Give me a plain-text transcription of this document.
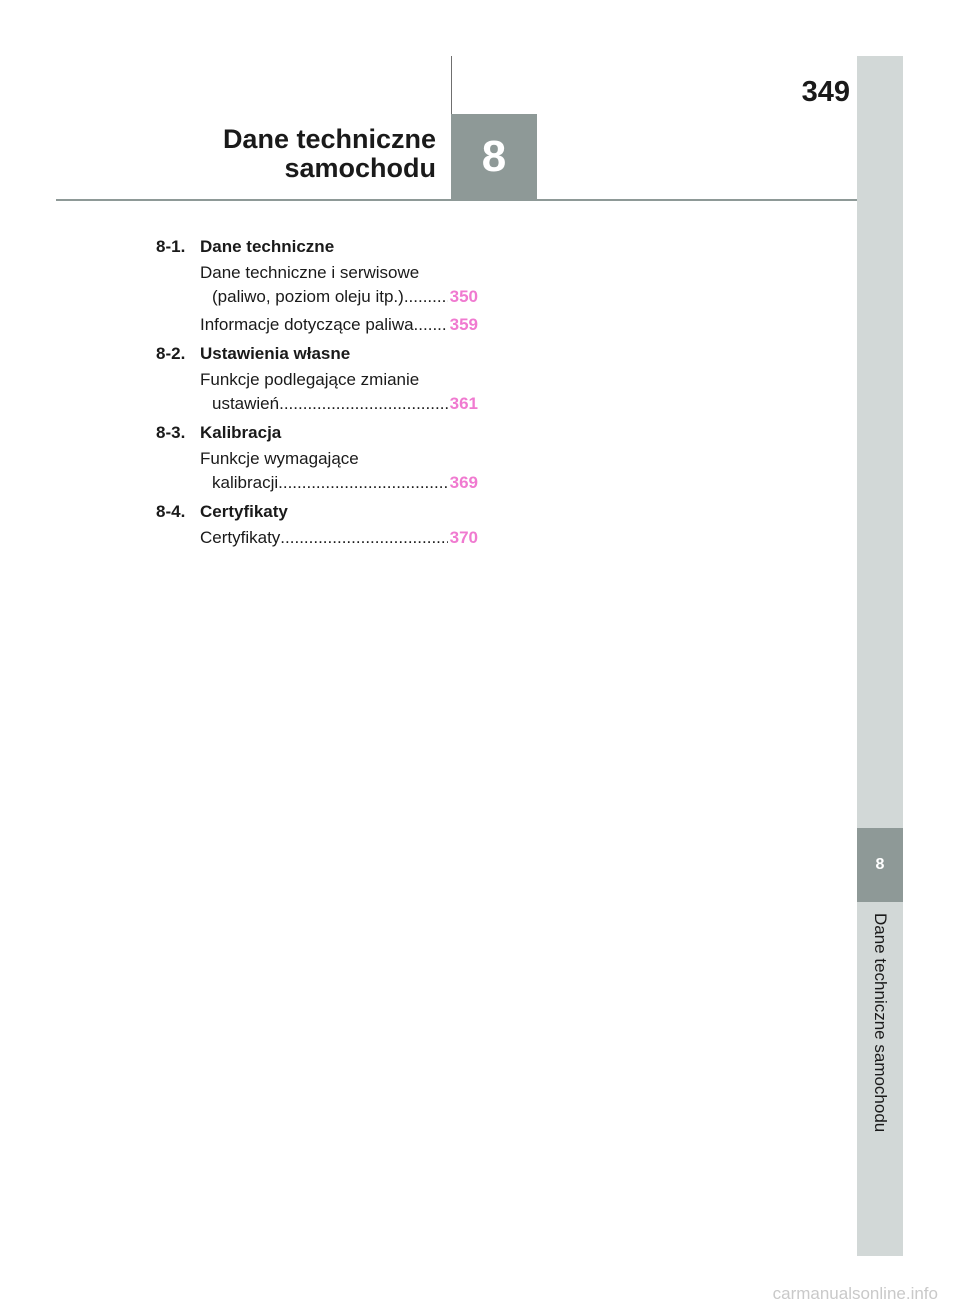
8
Dane techniczne samochodu
Dane techniczne
samochodu	8
349
8-1. Dane techniczne
Dane techniczne i serwisowe
(paliwo, poziom oleju itp.) .....	350
Informacje dotyczące paliwa ..... 359
8-2. Ustawienia własne
Funkcje podlegające zmianie
ustawień .....	361
8-3. Kalibracja
Funkcje wymagające
kalibracji .....	369
8-4. Certyfikaty
Certyfikaty .....	370
carmanualsonline.info
